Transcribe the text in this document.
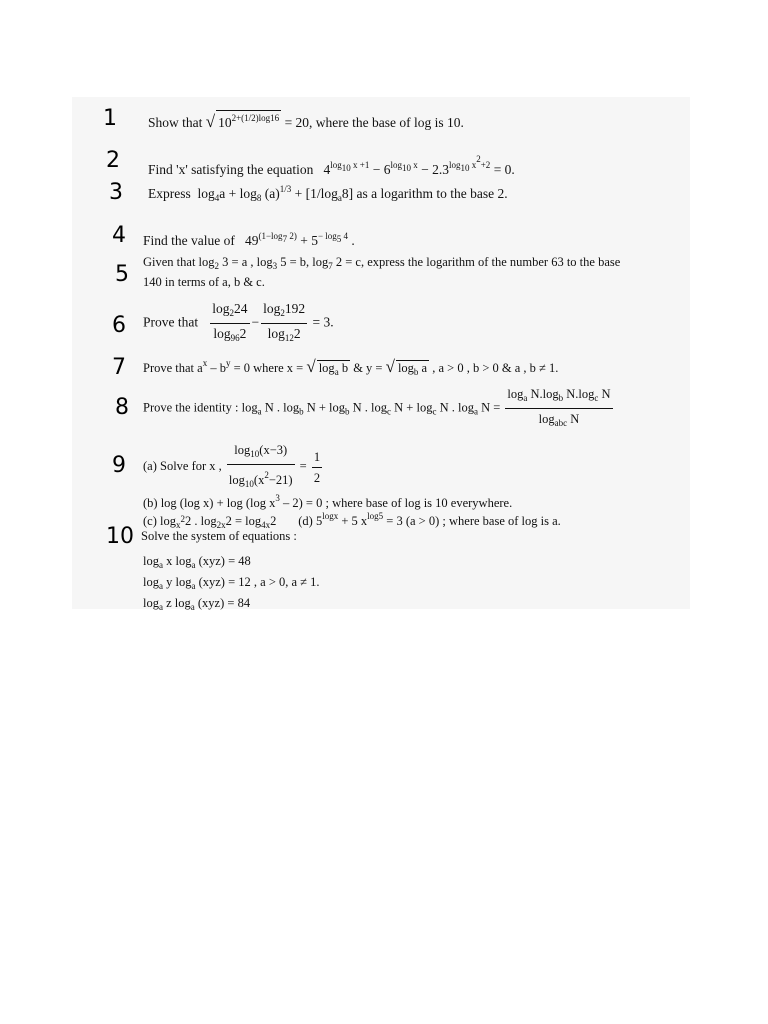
1
2
3
4
5
6
7
8
9
10
Show that √ $10^{2+(1/2)log16} = 20$, where the base of log is 10.
Find 'x' satisfying the equation $4^{log_{10} x +1} - 6^{log_{10} x} - 2.3^{log_{10} x^2+2} = 0$.
Express $\log_4a + \log_8 (a)^{1/3} + [1/\log_a8]$ as a logarithm to the base 2.
Find the value of $49^{(1-log_7 2)} + 5^{- log_5 4}$ .
Given that $\log_2 3 = a$ , $\log_3 5 = b$, $\log_7 2 = c$, express the logarithm of the number 63 to the base
140 in terms of a, b & c.
Prove that $\frac{\log_224}{\log_{96}2} - \frac{\log_2192}{\log_{12}2} = 3$.
Prove that $a^x - b^y = 0$ where x = √ $\log_a b$ & y = √ $\log_b a$ , a > 0 , b > 0 & a , b ≠ 1.
Prove the identity : $\log_a N$ . $\log_b N + \log_b N$ . $\log_c N + \log_c N$ . $\log_a N = \frac{\log_a N.\log_b N.\log_c N}{\log_{abc} N}$
(a) Solve for x , $\frac{\log_{10}(x-3)}{\log_{10}(x^2-21)} = \frac{1}{2}$
(b) log (log x) + log (log $x^3 - 2) = 0$ ; where base of log is 10 everywhere.
(c) $\log_{x^2}2$ . $\log_{2x}2 = \log_{4x}2$ (d) $5^{logx} + 5$ $x^{log5} = 3$ (a > 0) ; where base of log is a.
Solve the system of equations :
$\log_a x$ $\log_a (xyz) = 48$
$\log_a y$ $\log_a (xyz) = 12$ , a > 0, a ≠ 1.
$\log_a z$ $\log_a (xyz) = 84$
